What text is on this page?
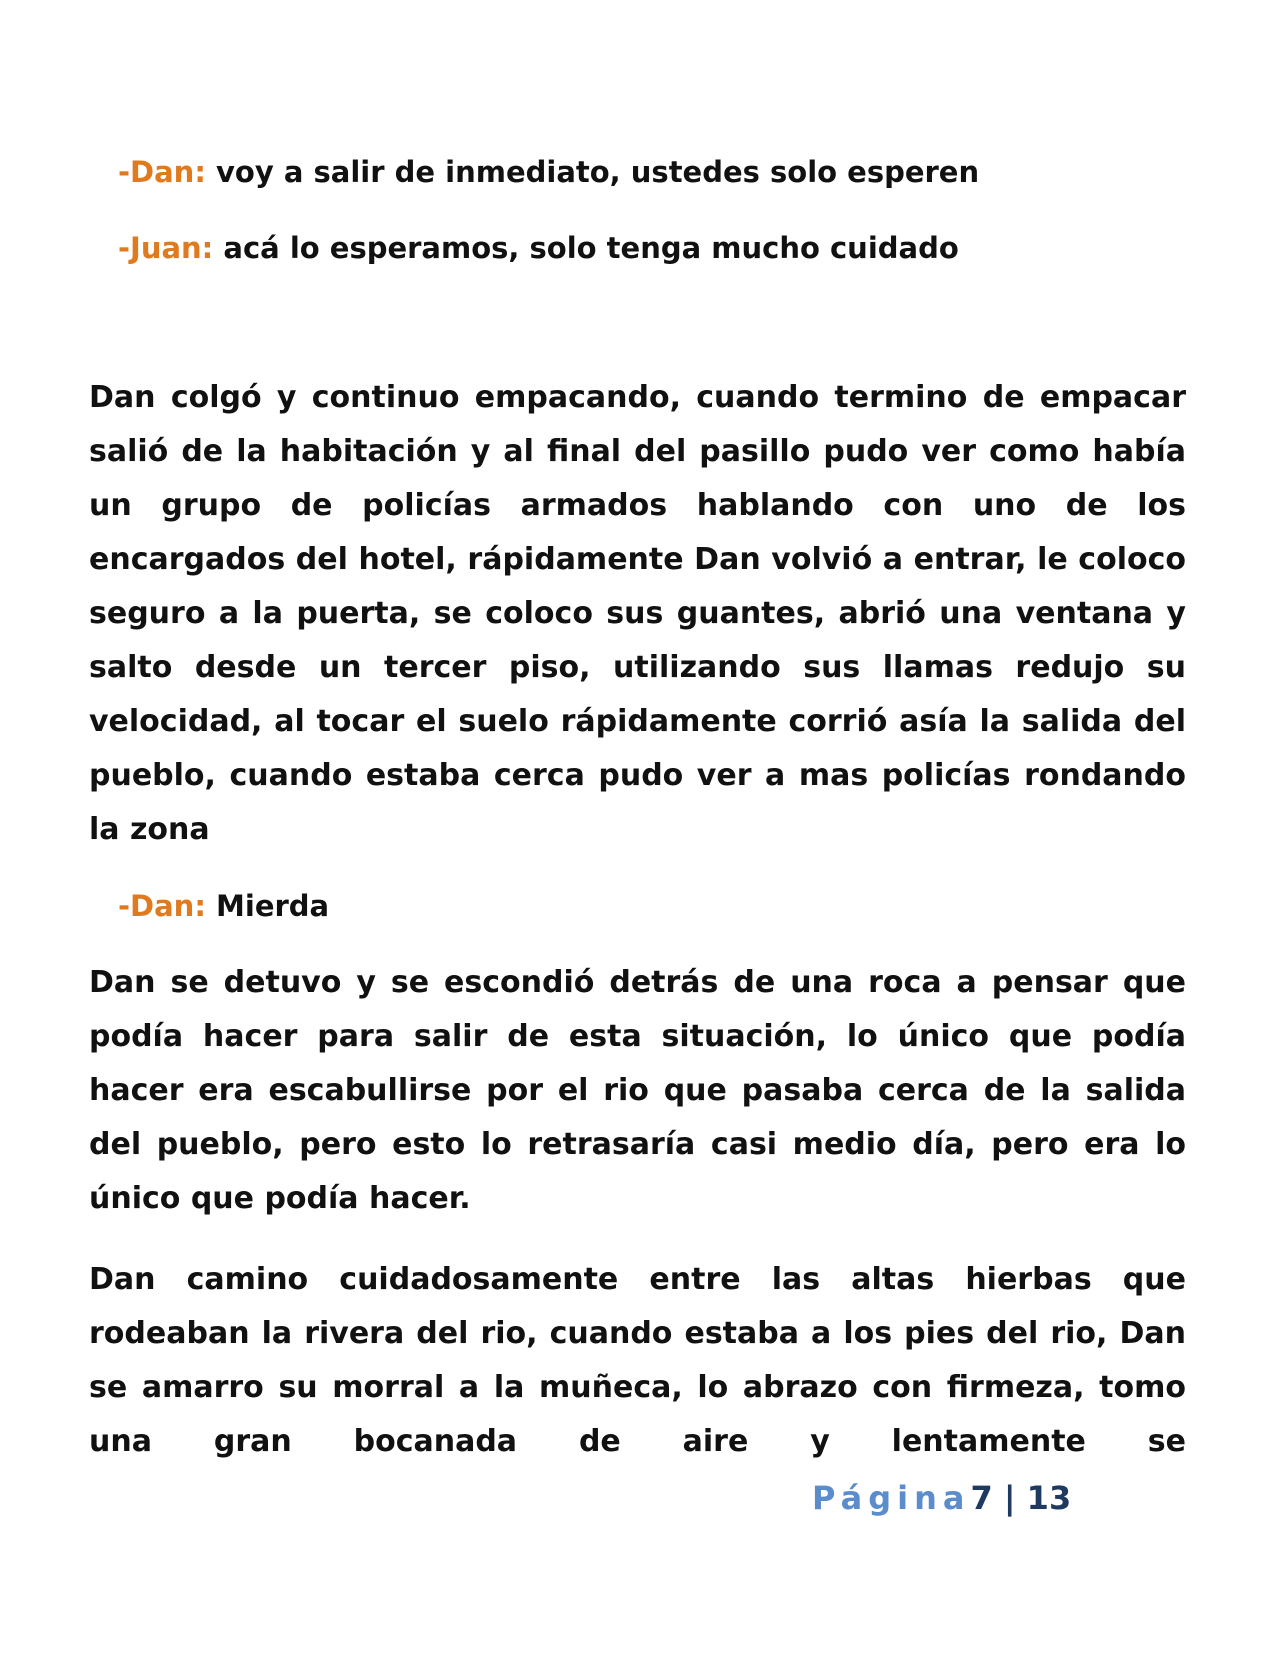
-Dan: voy a salir de inmediato, ustedes solo esperen
-Juan: acá lo esperamos, solo tenga mucho cuidado

Dan colgó y continuo empacando, cuando termino de empacar salió de la habitación y al final del pasillo pudo ver como había un grupo de policías armados hablando con uno de los encargados del hotel, rápidamente Dan volvió a entrar, le coloco seguro a la puerta, se coloco sus guantes, abrió una ventana y salto desde un tercer piso, utilizando sus llamas redujo su velocidad, al tocar el suelo rápidamente corrió asía la salida del pueblo, cuando estaba cerca pudo ver a mas policías rondando la zona

-Dan: Mierda

Dan se detuvo y se escondió detrás de una roca a pensar que podía hacer para salir de esta situación, lo único que podía hacer era escabullirse por el rio que pasaba cerca de la salida del pueblo, pero esto lo retrasaría casi medio día, pero era lo único que podía hacer.

Dan camino cuidadosamente entre las altas hierbas que rodeaban la rivera del rio, cuando estaba a los pies del rio, Dan se amarro su morral a la muñeca, lo abrazo con firmeza, tomo una gran bocanada de aire y lentamente se

Página7 | 13
